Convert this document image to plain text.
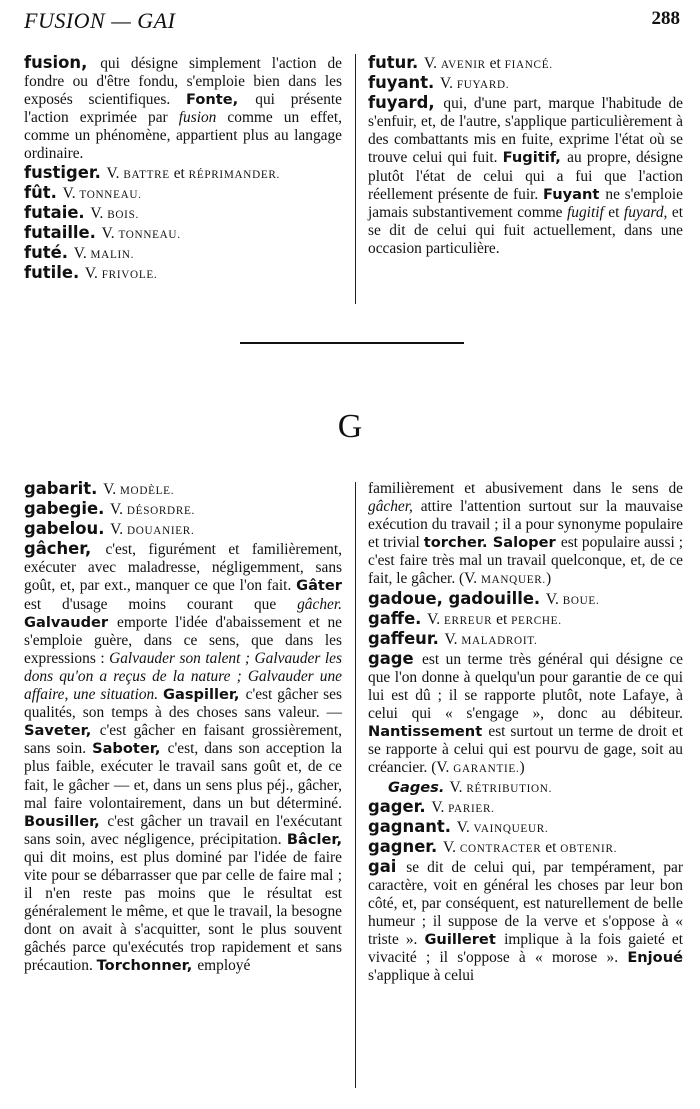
FUSION — GAI	288

fusion, qui désigne simplement l'action de fondre ou d'être fondu, s'emploie bien dans les exposés scientifiques. Fonte, qui présente l'action exprimée par fusion comme un effet, comme un phénomène, appartient plus au langage ordinaire.

fustiger. V. BATTRE et RÉPRIMANDER.

fût. V. TONNEAU.

futaie. V. BOIS.

futaille. V. TONNEAU.

futé. V. MALIN.

futile. V. FRIVOLE.

futur. V. AVENIR et FIANCÉ.

fuyant. V. FUYARD.

fuyard, qui, d'une part, marque l'habitude de s'enfuir, et, de l'autre, s'applique particulièrement à des combattants mis en fuite, exprime l'état où se trouve celui qui fuit. Fugitif, au propre, désigne plutôt l'état de celui qui a fui que l'action réellement présente de fuir. Fuyant ne s'emploie jamais substantivement comme fugitif et fuyard, et se dit de celui qui fuit actuellement, dans une occasion particulière.

G

gabarit. V. MODÈLE.

gabegie. V. DÉSORDRE.

gabelou. V. DOUANIER.

gâcher, c'est, figurément et familièrement, exécuter avec maladresse, négligemment, sans goût, et, par ext., manquer ce que l'on fait. Gâter est d'usage moins courant que gâcher. Galvauder emporte l'idée d'abaissement et ne s'emploie guère, dans ce sens, que dans les expressions : Galvauder son talent ; Galvauder les dons qu'on a reçus de la nature ; Galvauder une affaire, une situation. Gaspiller, c'est gâcher ses qualités, son temps à des choses sans valeur. — Saveter, c'est gâcher en faisant grossièrement, sans soin. Saboter, c'est, dans son acception la plus faible, exécuter le travail sans goût et, de ce fait, le gâcher — et, dans un sens plus péj., gâcher, mal faire volontairement, dans un but déterminé. Bousiller, c'est gâcher un travail en l'exécutant sans soin, avec négligence, précipitation. Bâcler, qui dit moins, est plus dominé par l'idée de faire vite pour se débarrasser que par celle de faire mal ; il n'en reste pas moins que le résultat est généralement le même, et que le travail, la besogne dont on avait à s'acquitter, sont le plus souvent gâchés parce qu'exécutés trop rapidement et sans précaution. Torchonner, employé

familièrement et abusivement dans le sens de gâcher, attire l'attention surtout sur la mauvaise exécution du travail ; il a pour synonyme populaire et trivial torcher. Saloper est populaire aussi ; c'est faire très mal un travail quelconque, et, de ce fait, le gâcher. (V. MANQUER.)

gadoue, gadouille. V. BOUE.

gaffe. V. ERREUR et PERCHE.

gaffeur. V. MALADROIT.

gage est un terme très général qui désigne ce que l'on donne à quelqu'un pour garantie de ce qui lui est dû ; il se rapporte plutôt, note Lafaye, à celui qui « s'engage », donc au débiteur. Nantissement est surtout un terme de droit et se rapporte à celui qui est pourvu de gage, soit au créancier. (V. GARANTIE.)

Gages. V. RÉTRIBUTION.

gager. V. PARIER.

gagnant. V. VAINQUEUR.

gagner. V. CONTRACTER et OBTENIR.

gai se dit de celui qui, par tempérament, par caractère, voit en général les choses par leur bon côté, et, par conséquent, est naturellement de belle humeur ; il suppose de la verve et s'oppose à « triste ». Guilleret implique à la fois gaieté et vivacité ; il s'oppose à « morose ». Enjoué s'applique à celui
